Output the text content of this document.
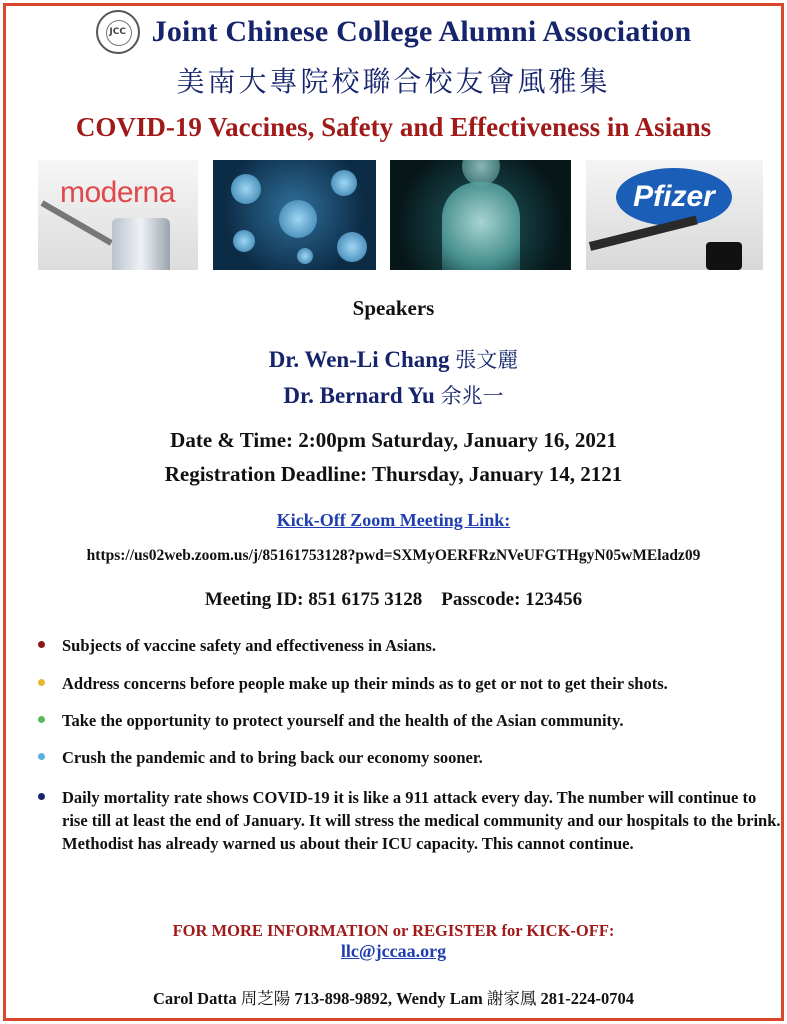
JCC Joint Chinese College Alumni Association
美南大專院校聯合校友會風雅集
COVID-19 Vaccines, Safety and Effectiveness in Asians
moderna	Pfizer
Speakers
Dr. Wen-Li Chang 張文麗
Dr. Bernard Yu 余兆一
Date & Time: 2:00pm Saturday, January 16, 2021
Registration Deadline: Thursday, January 14, 2121
Kick-Off Zoom Meeting Link:
https://us02web.zoom.us/j/85161753128?pwd=SXMyOERFRzNVeUFGTHgyN05wMEladz09
Meeting ID: 851 6175 3128    Passcode: 123456
Subjects of vaccine safety and effectiveness in Asians.
Address concerns before people make up their minds as to get or not to get their shots.
Take the opportunity to protect yourself and the health of the Asian community.
Crush the pandemic and to bring back our economy sooner.
Daily mortality rate shows COVID-19 it is like a 911 attack every day. The number will continue to rise till at least the end of January. It will stress the medical community and our hospitals to the brink. Methodist has already warned us about their ICU capacity. This cannot continue.
FOR MORE INFORMATION or REGISTER for KICK-OFF:
llc@jccaa.org
Carol Datta 周芝陽 713-898-9892, Wendy Lam 謝家鳳 281-224-0704
